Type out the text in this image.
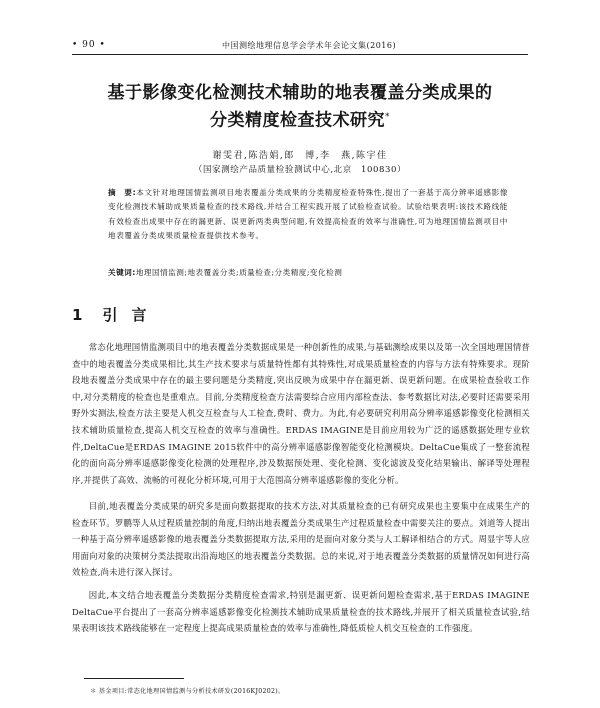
• 90 •	中国测绘地理信息学会学术年会论文集(2016)
基于影像变化检测技术辅助的地表覆盖分类成果的
分类精度检查技术研究*
谢雯君,陈浩娟,郎　博,李　燕,陈宇佳
（国家测绘产品质量检验测试中心,北京　100830）
摘　要:本文针对地理国情监测项目地表覆盖分类成果的分类精度检查特殊性,提出了一套基于高分辨率遥感影像变化检测技术辅助成果质量检查的技术路线,并结合工程实践开展了试验检查试验。试验结果表明:该技术路线能有效检查出成果中存在的漏更新、误更新两类典型问题,有效提高检查的效率与准确性,可为地理国情监测项目中地表覆盖分类成果质量检查提供技术参考。
关键词:地理国情监测;地表覆盖分类;质量检查;分类精度;变化检测
1 引言
常态化地理国情监测项目中的地表覆盖分类数据成果是一种创新性的成果,与基础测绘成果以及第一次全国地理国情普查中的地表覆盖分类成果相比,其生产技术要求与质量特性都有其特殊性,对成果质量检查的内容与方法有特殊要求。现阶段地表覆盖分类成果中存在的最主要问题是分类精度,突出反映为成果中存在漏更新、误更新问题。在成果检查验收工作中,对分类精度的检查也是重难点。目前,分类精度检查方法需要综合应用内部检查法、参考数据比对法,必要时还需要采用野外实测法,检查方法主要是人机交互检查与人工检查,费时、费力。为此,有必要研究利用高分辨率遥感影像变化检测相关技术辅助质量检查,提高人机交互检查的效率与准确性。ERDAS IMAGINE是目前应用较为广泛的遥感数据处理专业软件,DeltaCue是ERDAS IMAGINE 2015软件中的高分辨率遥感影像智能变化检测模块。DeltaCue集成了一整套流程化的面向高分辨率遥感影像变化检测的处理程序,涉及数据预处理、变化检测、变化滤波及变化结果输出、解译等处理程序,并提供了高效、流畅的可视化分析环境,可用于大范围高分辨率遥感影像的变化分析。
目前,地表覆盖分类成果的研究多是面向数据提取的技术方法,对其质量检查的已有研究成果也主要集中在成果生产的检查环节。罗鹏等人从过程质量控制的角度,归纳出地表覆盖分类成果生产过程质量检查中需要关注的要点。刘道等人提出一种基于高分辨率遥感影像的地表覆盖分类数据提取方法,采用的是面向对象分类与人工解译相结合的方式。周显宇等人应用面向对象的决策树分类法提取出沿海地区的地表覆盖分类数据。总的来说,对于地表覆盖分类数据的质量情况如何进行高效检查,尚未进行深入探讨。
因此,本文结合地表覆盖分类数据分类精度检查需求,特别是漏更新、误更新问题检查需求,基于ERDAS IMAGINE DeltaCue平台提出了一套高分辨率遥感影像变化检测技术辅助成果质量检查的技术路线,并展开了相关质量检查试验,结果表明该技术路线能够在一定程度上提高成果质量检查的效率与准确性,降低质检人机交互检查的工作强度。
＊ 基金项目:常态化地理国情监测与分析技术研发(2016KJ0202)。
